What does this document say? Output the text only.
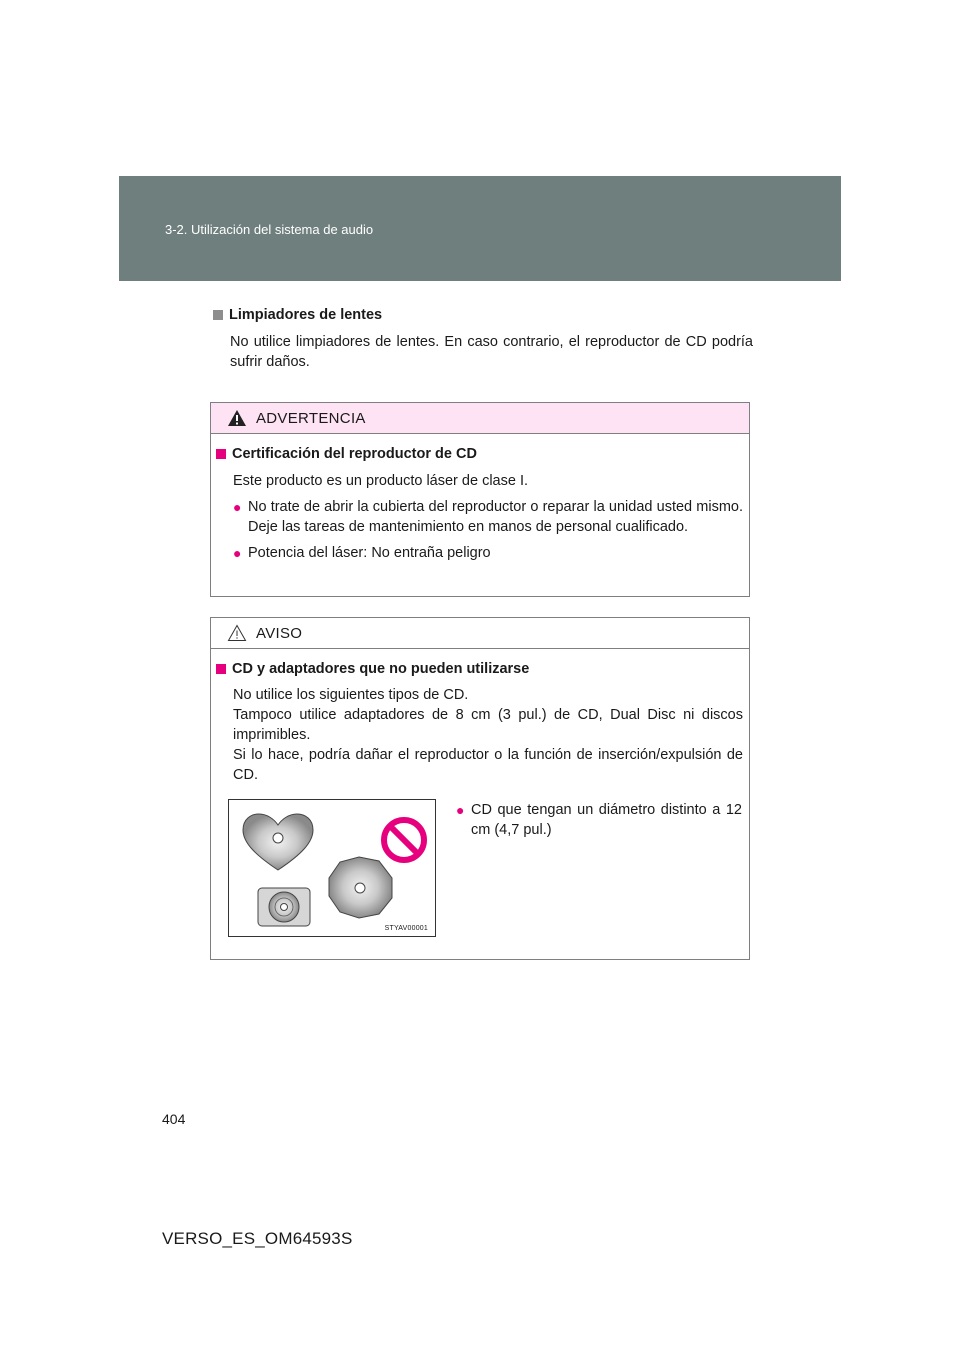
3-2. Utilización del sistema de audio
Limpiadores de lentes
No utilice limpiadores de lentes. En caso contrario, el reproductor de CD podría sufrir daños.
ADVERTENCIA
Certificación del reproductor de CD
Este producto es un producto láser de clase I.
● No trate de abrir la cubierta del reproductor o reparar la unidad usted mismo. Deje las tareas de mantenimiento en manos de personal cualificado.
● Potencia del láser: No entraña peligro
AVISO
CD y adaptadores que no pueden utilizarse
No utilice los siguientes tipos de CD.
Tampoco utilice adaptadores de 8 cm (3 pul.) de CD, Dual Disc ni discos imprimibles.
Si lo hace, podría dañar el reproductor o la función de inserción/expulsión de CD.
STYAV00001
● CD que tengan un diámetro distinto a 12 cm (4,7 pul.)
404
VERSO_ES_OM64593S
